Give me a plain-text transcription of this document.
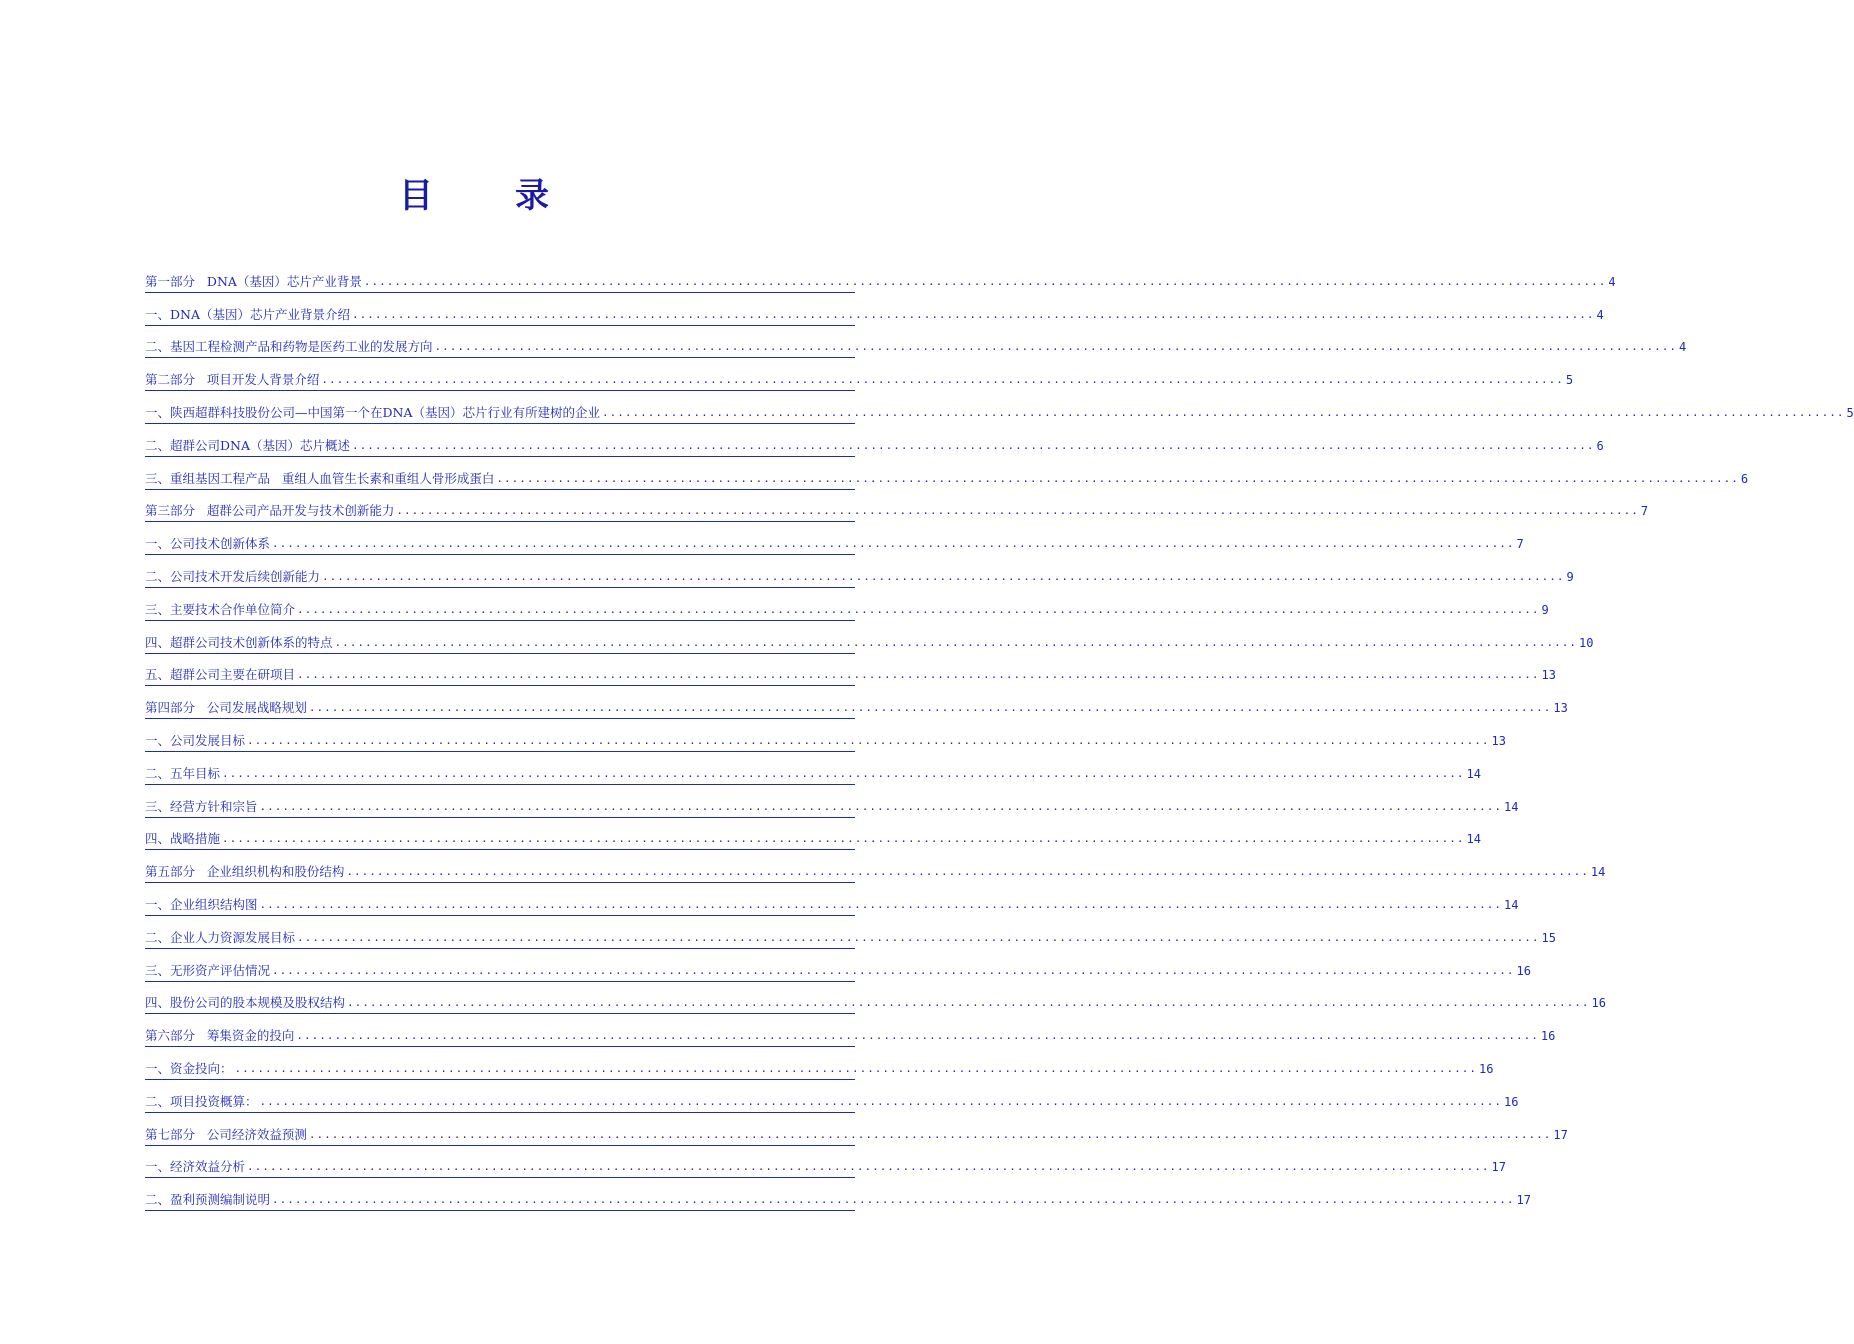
目 录
第一部分   DNA（基因）芯片产业背景 ................................................................................................................................................................... 4
一、DNA（基因）芯片产业背景介绍 ................................................................................................................................................................... 4
二、基因工程检测产品和药物是医药工业的发展方向 ................................................................................................................................................................... 4
第二部分   项目开发人背景介绍 ................................................................................................................................................................... 5
一、陕西超群科技股份公司—中国第一个在DNA（基因）芯片行业有所建树的企业 ................................................................................................................................................................... 5
二、超群公司DNA（基因）芯片概述 ................................................................................................................................................................... 6
三、重组基因工程产品   重组人血管生长素和重组人骨形成蛋白 ................................................................................................................................................................... 6
第三部分   超群公司产品开发与技术创新能力 ................................................................................................................................................................... 7
一、公司技术创新体系 ................................................................................................................................................................... 7
二、公司技术开发后续创新能力 ................................................................................................................................................................... 9
三、主要技术合作单位简介 ................................................................................................................................................................... 9
四、超群公司技术创新体系的特点 ................................................................................................................................................................... 10
五、超群公司主要在研项目 ................................................................................................................................................................... 13
第四部分   公司发展战略规划 ................................................................................................................................................................... 13
一、公司发展目标 ................................................................................................................................................................... 13
二、五年目标 ................................................................................................................................................................... 14
三、经营方针和宗旨 ................................................................................................................................................................... 14
四、战略措施 ................................................................................................................................................................... 14
第五部分   企业组织机构和股份结构 ................................................................................................................................................................... 14
一、企业组织结构图 ................................................................................................................................................................... 14
二、企业人力资源发展目标 ................................................................................................................................................................... 15
三、无形资产评估情况 ................................................................................................................................................................... 16
四、股份公司的股本规模及股权结构 ................................................................................................................................................................... 16
第六部分   筹集资金的投向 ................................................................................................................................................................... 16
一、资金投向： ................................................................................................................................................................... 16
二、项目投资概算： ................................................................................................................................................................... 16
第七部分   公司经济效益预测 ................................................................................................................................................................... 17
一、经济效益分析 ................................................................................................................................................................... 17
二、盈利预测编制说明 ................................................................................................................................................................... 17
